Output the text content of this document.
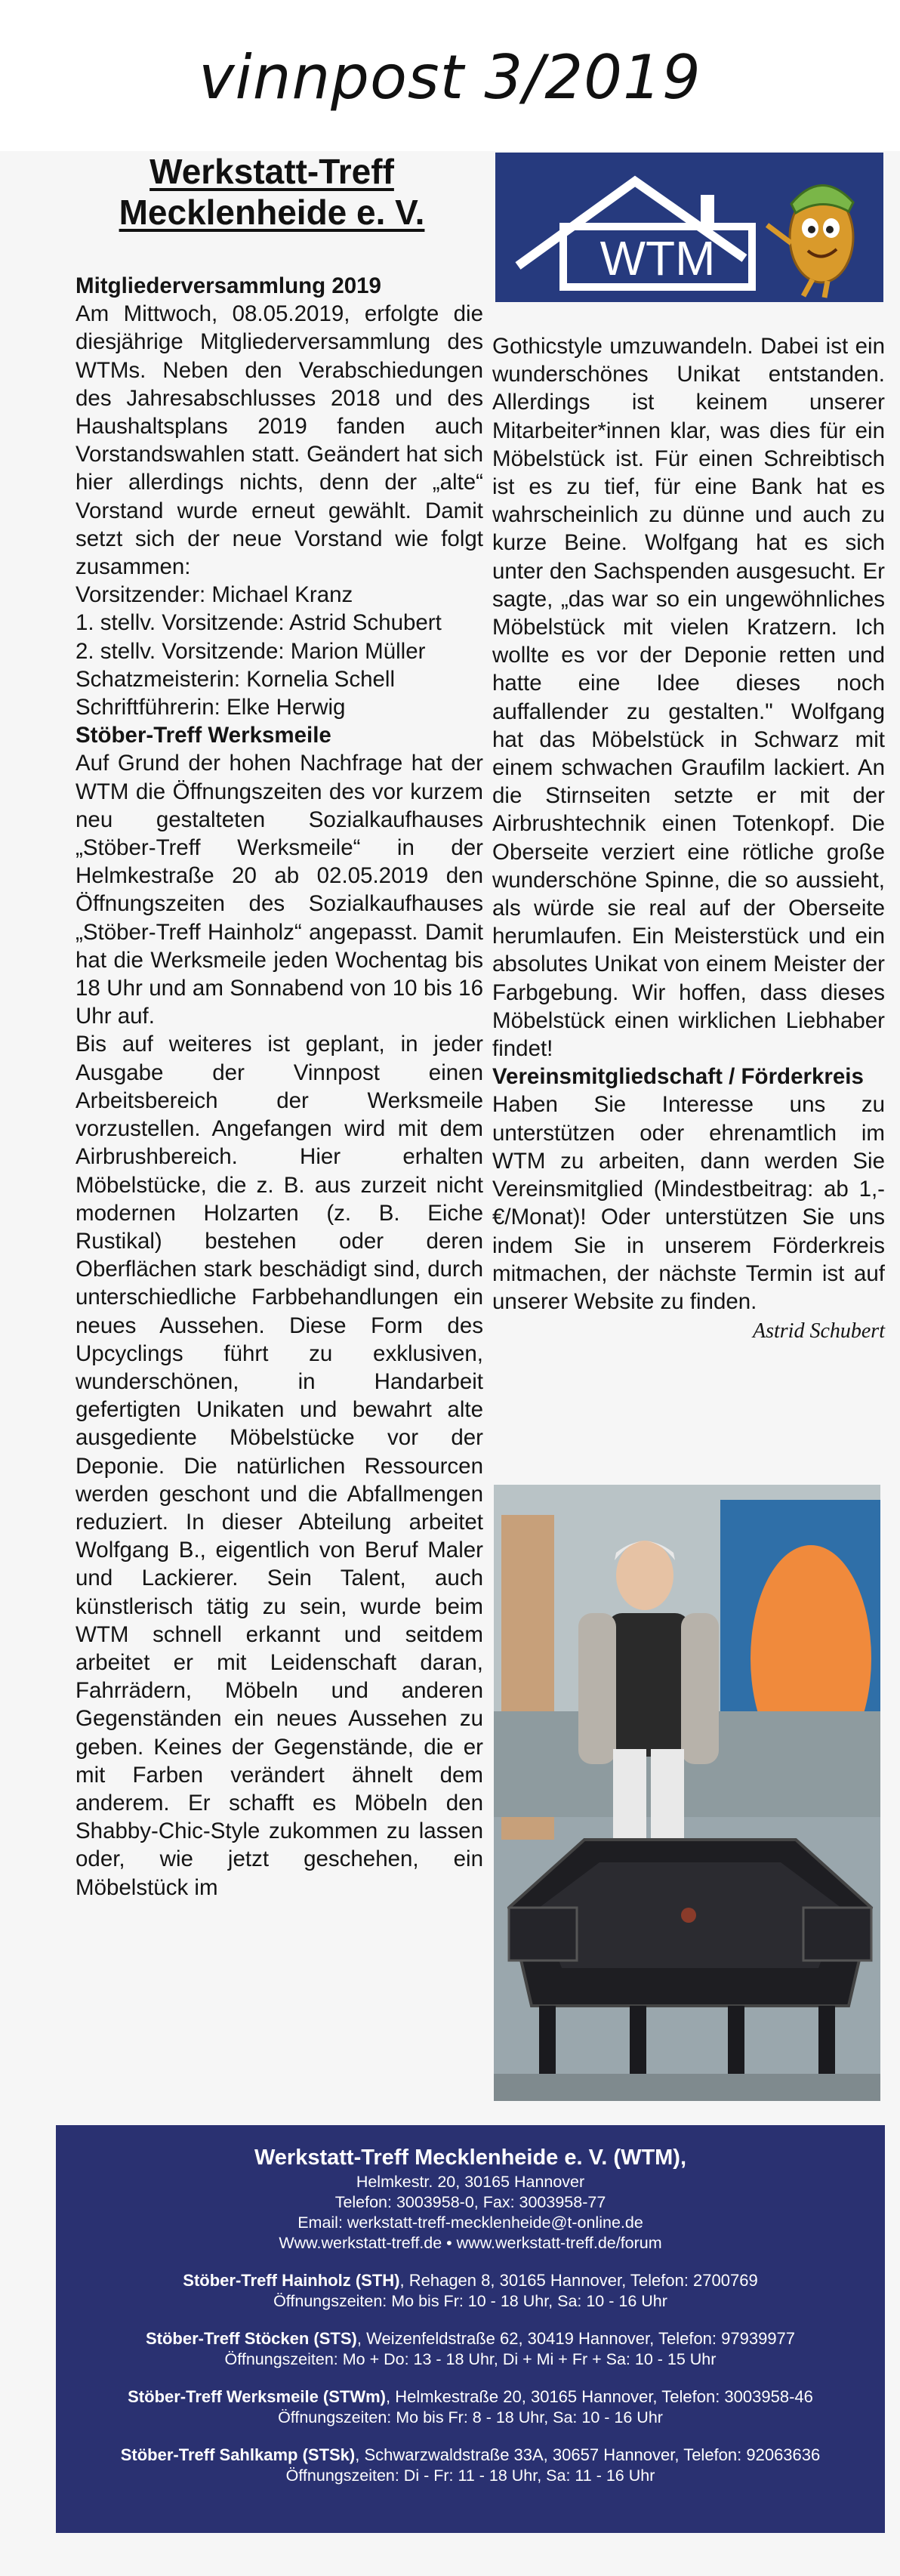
vinnpost 3/2019
Werkstatt-Treff
Mecklenheide e. V.
WTM

Mitgliederversammlung 2019

Am Mittwoch, 08.05.2019, erfolgte die diesjährige Mitgliederversammlung des WTMs. Neben den Verabschiedungen des Jahresabschlusses 2018 und des Haushaltsplans 2019 fanden auch Vorstandswahlen statt. Geändert hat sich hier allerdings nichts, denn der „alte“ Vorstand wurde erneut gewählt. Damit setzt sich der neue Vorstand wie folgt zusammen:

Vorsitzender: Michael Kranz
1. stellv. Vorsitzende: Astrid Schubert
2. stellv. Vorsitzende: Marion Müller
Schatzmeisterin: Kornelia Schell
Schriftführerin: Elke Herwig

Stöber-Treff Werksmeile

Auf Grund der hohen Nachfrage hat der WTM die Öffnungszeiten des vor kurzem neu gestalteten Sozialkaufhauses „Stöber-Treff Werksmeile“ in der Helmkestraße 20 ab 02.05.2019 den Öffnungszeiten des Sozialkaufhauses „Stöber-Treff Hainholz“ angepasst. Damit hat die Werksmeile jeden Wochentag bis 18 Uhr und am Sonnabend von 10 bis 16 Uhr auf.

Bis auf weiteres ist geplant, in jeder Ausgabe der Vinnpost einen Arbeitsbereich der Werksmeile vorzustellen. Angefangen wird mit dem Airbrushbereich. Hier erhalten Möbelstücke, die z. B. aus zurzeit nicht modernen Holzarten (z. B. Eiche Rustikal) bestehen oder deren Oberflächen stark beschädigt sind, durch unterschiedliche Farbbehandlungen ein neues Aussehen. Diese Form des Upcyclings führt zu exklusiven, wunderschönen, in Handarbeit gefertigten Unikaten und bewahrt alte ausgediente Möbelstücke vor der Deponie. Die natürlichen Ressourcen werden geschont und die Abfallmengen reduziert. In dieser Abteilung arbeitet Wolfgang B., eigentlich von Beruf Maler und Lackierer. Sein Talent, auch künstlerisch tätig zu sein, wurde beim WTM schnell erkannt und seitdem arbeitet er mit Leidenschaft daran, Fahrrädern, Möbeln und anderen Gegenständen ein neues Aussehen zu geben. Keines der Gegenstände, die er mit Farben verändert ähnelt dem anderem. Er schafft es Möbeln den Shabby-Chic-Style zukommen zu lassen oder, wie jetzt geschehen, ein Möbelstück im

Gothicstyle umzuwandeln. Dabei ist ein wunderschönes Unikat entstanden. Allerdings ist keinem unserer Mitarbeiter*innen klar, was dies für ein Möbelstück ist. Für einen Schreibtisch ist es zu tief, für eine Bank hat es wahrscheinlich zu dünne und auch zu kurze Beine. Wolfgang hat es sich unter den Sachspenden ausgesucht. Er sagte, „das war so ein ungewöhnliches Möbelstück mit vielen Kratzern. Ich wollte es vor der Deponie retten und hatte eine Idee dieses noch auffallender zu gestalten." Wolfgang hat das Möbelstück in Schwarz mit einem schwachen Graufilm lackiert. An die Stirnseiten setzte er mit der Airbrushtechnik einen Totenkopf. Die Oberseite verziert eine rötliche große wunderschöne Spinne, die so aussieht, als würde sie real auf der Oberseite herumlaufen. Ein Meisterstück und ein absolutes Unikat von einem Meister der Farbgebung. Wir hoffen, dass dieses Möbelstück einen wirklichen Liebhaber findet!

Vereinsmitgliedschaft / Förderkreis

Haben Sie Interesse uns zu unterstützen oder ehrenamtlich im WTM zu arbeiten, dann werden Sie Vereinsmitglied (Mindestbeitrag: ab 1,- €/Monat)! Oder unterstützen Sie uns indem Sie in unserem Förderkreis mitmachen, der nächste Termin ist auf unserer Website zu finden.

Astrid Schubert

Werkstatt-Treff Mecklenheide e. V. (WTM),
Helmkestr. 20, 30165 Hannover
Telefon: 3003958-0, Fax: 3003958-77
Email: werkstatt-treff-mecklenheide@t-online.de
Www.werkstatt-treff.de • www.werkstatt-treff.de/forum
Stöber-Treff Hainholz (STH), Rehagen 8, 30165 Hannover, Telefon: 2700769
Öffnungszeiten: Mo bis Fr: 10 - 18 Uhr, Sa: 10 - 16 Uhr
Stöber-Treff Stöcken (STS), Weizenfeldstraße 62, 30419 Hannover, Telefon: 97939977
Öffnungszeiten: Mo + Do: 13 - 18 Uhr, Di + Mi + Fr + Sa: 10 - 15 Uhr
Stöber-Treff Werksmeile (STWm), Helmkestraße 20, 30165 Hannover, Telefon: 3003958-46
Öffnungszeiten: Mo bis Fr: 8 - 18 Uhr, Sa: 10 - 16 Uhr
Stöber-Treff Sahlkamp (STSk), Schwarzwaldstraße 33A, 30657 Hannover, Telefon: 92063636
Öffnungszeiten: Di - Fr: 11 - 18 Uhr, Sa: 11 - 16 Uhr
